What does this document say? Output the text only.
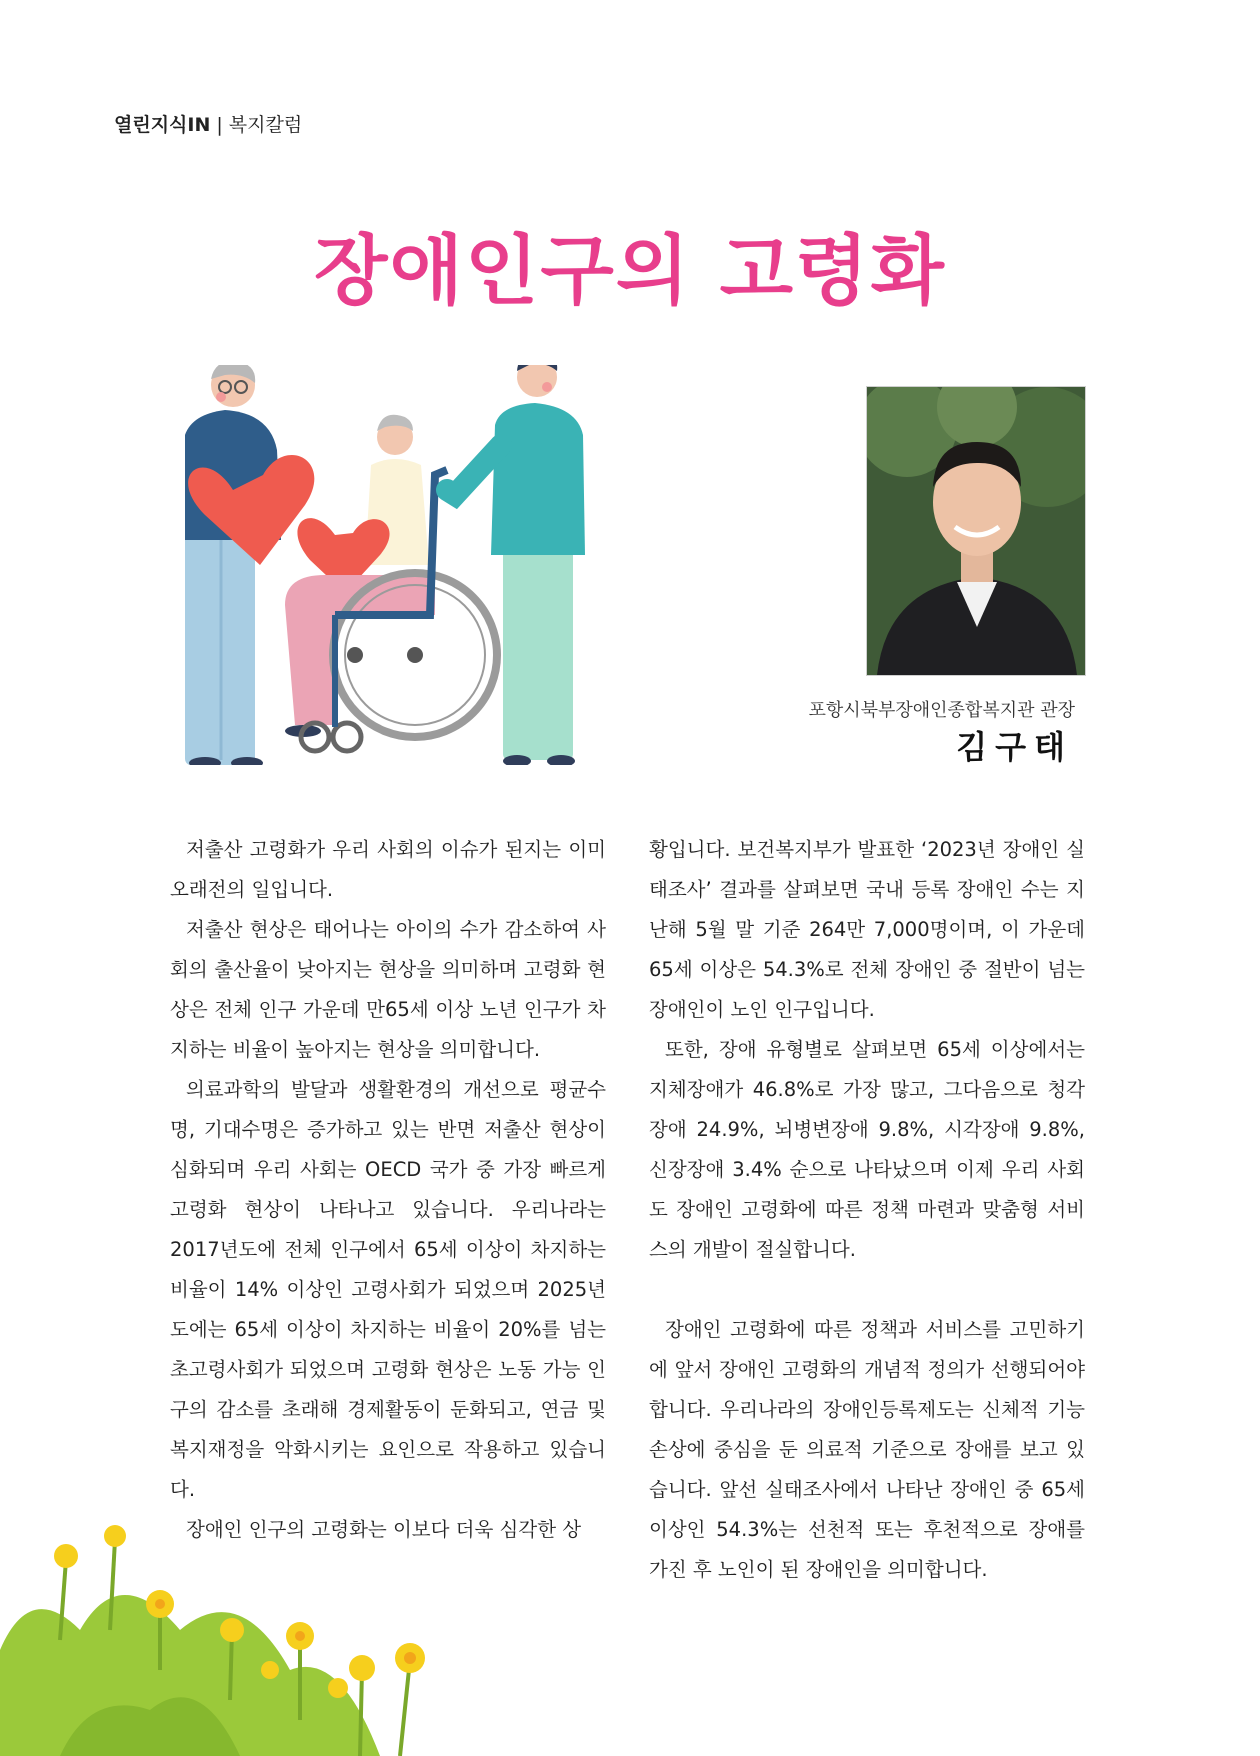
열린지식IN | 복지칼럼
장애인구의 고령화
포항시북부장애인종합복지관 관장
김구태

저출산 고령화가 우리 사회의 이슈가 된지는 이미 오래전의 일입니다.

저출산 현상은 태어나는 아이의 수가 감소하여 사회의 출산율이 낮아지는 현상을 의미하며 고령화 현상은 전체 인구 가운데 만65세 이상 노년 인구가 차지하는 비율이 높아지는 현상을 의미합니다.

의료과학의 발달과 생활환경의 개선으로 평균수명, 기대수명은 증가하고 있는 반면 저출산 현상이 심화되며 우리 사회는 OECD 국가 중 가장 빠르게 고령화 현상이 나타나고 있습니다. 우리나라는 2017년도에 전체 인구에서 65세 이상이 차지하는 비율이 14% 이상인 고령사회가 되었으며 2025년도에는 65세 이상이 차지하는 비율이 20%를 넘는 초고령사회가 되었으며 고령화 현상은 노동 가능 인구의 감소를 초래해 경제활동이 둔화되고, 연금 및 복지재정을 악화시키는 요인으로 작용하고 있습니다.

장애인 인구의 고령화는 이보다 더욱 심각한 상

황입니다. 보건복지부가 발표한 ‘2023년 장애인 실태조사’ 결과를 살펴보면 국내 등록 장애인 수는 지난해 5월 말 기준 264만 7,000명이며, 이 가운데 65세 이상은 54.3%로 전체 장애인 중 절반이 넘는 장애인이 노인 인구입니다.

또한, 장애 유형별로 살펴보면 65세 이상에서는 지체장애가 46.8%로 가장 많고, 그다음으로 청각장애 24.9%, 뇌병변장애 9.8%, 시각장애 9.8%, 신장장애 3.4% 순으로 나타났으며 이제 우리 사회도 장애인 고령화에 따른 정책 마련과 맞춤형 서비스의 개발이 절실합니다.

장애인 고령화에 따른 정책과 서비스를 고민하기에 앞서 장애인 고령화의 개념적 정의가 선행되어야 합니다. 우리나라의 장애인등록제도는 신체적 기능손상에 중심을 둔 의료적 기준으로 장애를 보고 있습니다. 앞선 실태조사에서 나타난 장애인 중 65세 이상인 54.3%는 선천적 또는 후천적으로 장애를 가진 후 노인이 된 장애인을 의미합니다.
